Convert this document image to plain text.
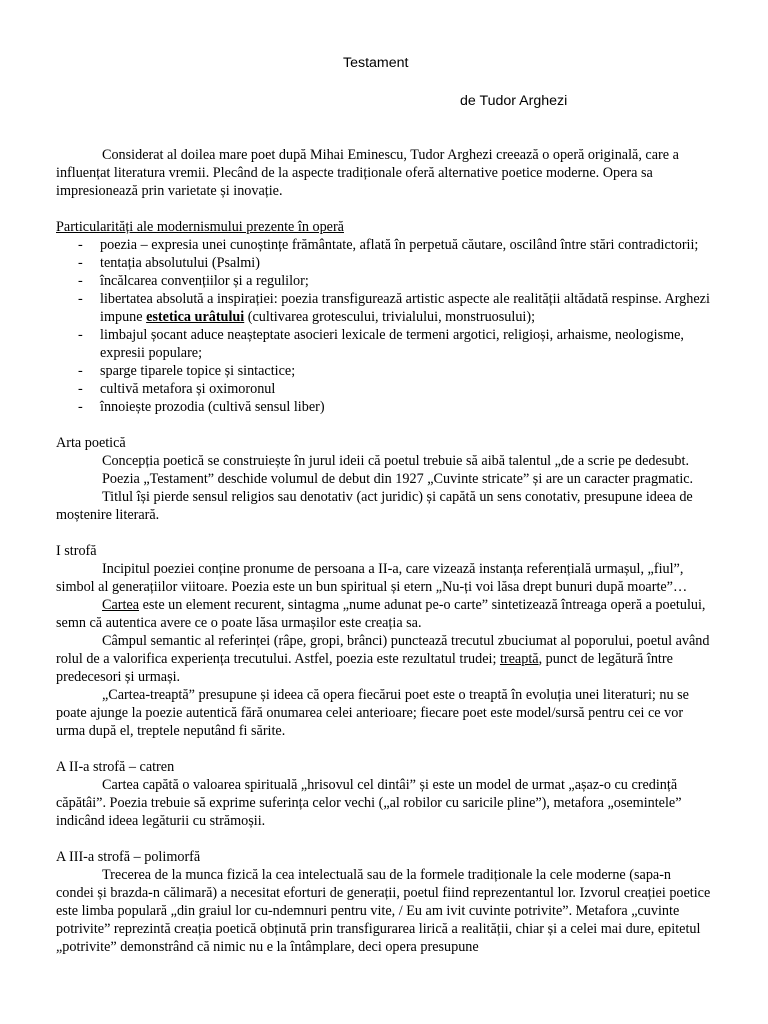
Testament
de Tudor Arghezi

Considerat al doilea mare poet după Mihai Eminescu, Tudor Arghezi creează o operă originală, care a influențat literatura vremii. Plecând de la aspecte tradiționale oferă alternative poetice moderne. Opera sa impresionează prin varietate și inovație.

Particularități ale modernismului prezente în operă

- poezia – expresia unei cunoștințe frământate, aflată în perpetuă căutare, oscilând între stări contradictorii;
- tentația absolutului (Psalmi)
- încălcarea convențiilor și a regulilor;
- libertatea absolută a inspirației: poezia transfigurează artistic aspecte ale realității altădată respinse. Arghezi impune estetica urâtului (cultivarea grotescului, trivialului, monstruosului);
- limbajul șocant aduce neașteptate asocieri lexicale de termeni argotici, religioși, arhaisme, neologisme, expresii populare;
- sparge tiparele topice și sintactice;
- cultivă metafora și oximoronul
- înnoiește prozodia (cultivă sensul liber)

Arta poetică

Concepția poetică se construiește în jurul ideii că poetul trebuie să aibă talentul „de a scrie pe dedesubt.

Poezia „Testament” deschide volumul de debut din 1927 „Cuvinte stricate” și are un caracter pragmatic.

Titlul își pierde sensul religios sau denotativ (act juridic) și capătă un sens conotativ, presupune ideea de moștenire literară.

I strofă

Incipitul poeziei conține pronume de persoana a II-a, care vizează instanța referențială urmașul, „fiul”, simbol al generațiilor viitoare. Poezia este un bun spiritual și etern „Nu-ți voi lăsa drept bunuri după moarte”…

Cartea este un element recurent, sintagma „nume adunat pe-o carte” sintetizează întreaga operă a poetului, semn că autentica avere ce o poate lăsa urmașilor este creația sa.

Câmpul semantic al referinței (râpe, gropi, brânci) punctează trecutul zbuciumat al poporului, poetul având rolul de a valorifica experiența trecutului. Astfel, poezia este rezultatul trudei; treaptă, punct de legătură între predecesori și urmași.

„Cartea-treaptă” presupune și ideea că opera fiecărui poet este o treaptă în evoluția unei literaturi; nu se poate ajunge la poezie autentică fără onumarea celei anterioare; fiecare poet este model/sursă pentru cei ce vor urma după el, treptele neputând fi sărite.

A II-a strofă – catren

Cartea capătă o valoarea spirituală „hrisovul cel dintâi” și este un model de urmat „așaz-o cu credință căpătâi”. Poezia trebuie să exprime suferința celor vechi („al robilor cu saricile pline”), metafora „osemintele” indicând ideea legăturii cu strămoșii.

A III-a strofă – polimorfă

Trecerea de la munca fizică la cea intelectuală sau de la formele tradiționale la cele moderne (sapa-n condei și brazda-n călimară) a necesitat eforturi de generații, poetul fiind reprezentantul lor. Izvorul creației poetice este limba populară „din graiul lor cu-ndemnuri pentru vite, / Eu am ivit cuvinte potrivite”. Metafora „cuvinte potrivite” reprezintă creația poetică obținută prin transfigurarea lirică a realității, chiar și a celei mai dure, epitetul „potrivite” demonstrând că nimic nu e la întâmplare, deci opera presupune
